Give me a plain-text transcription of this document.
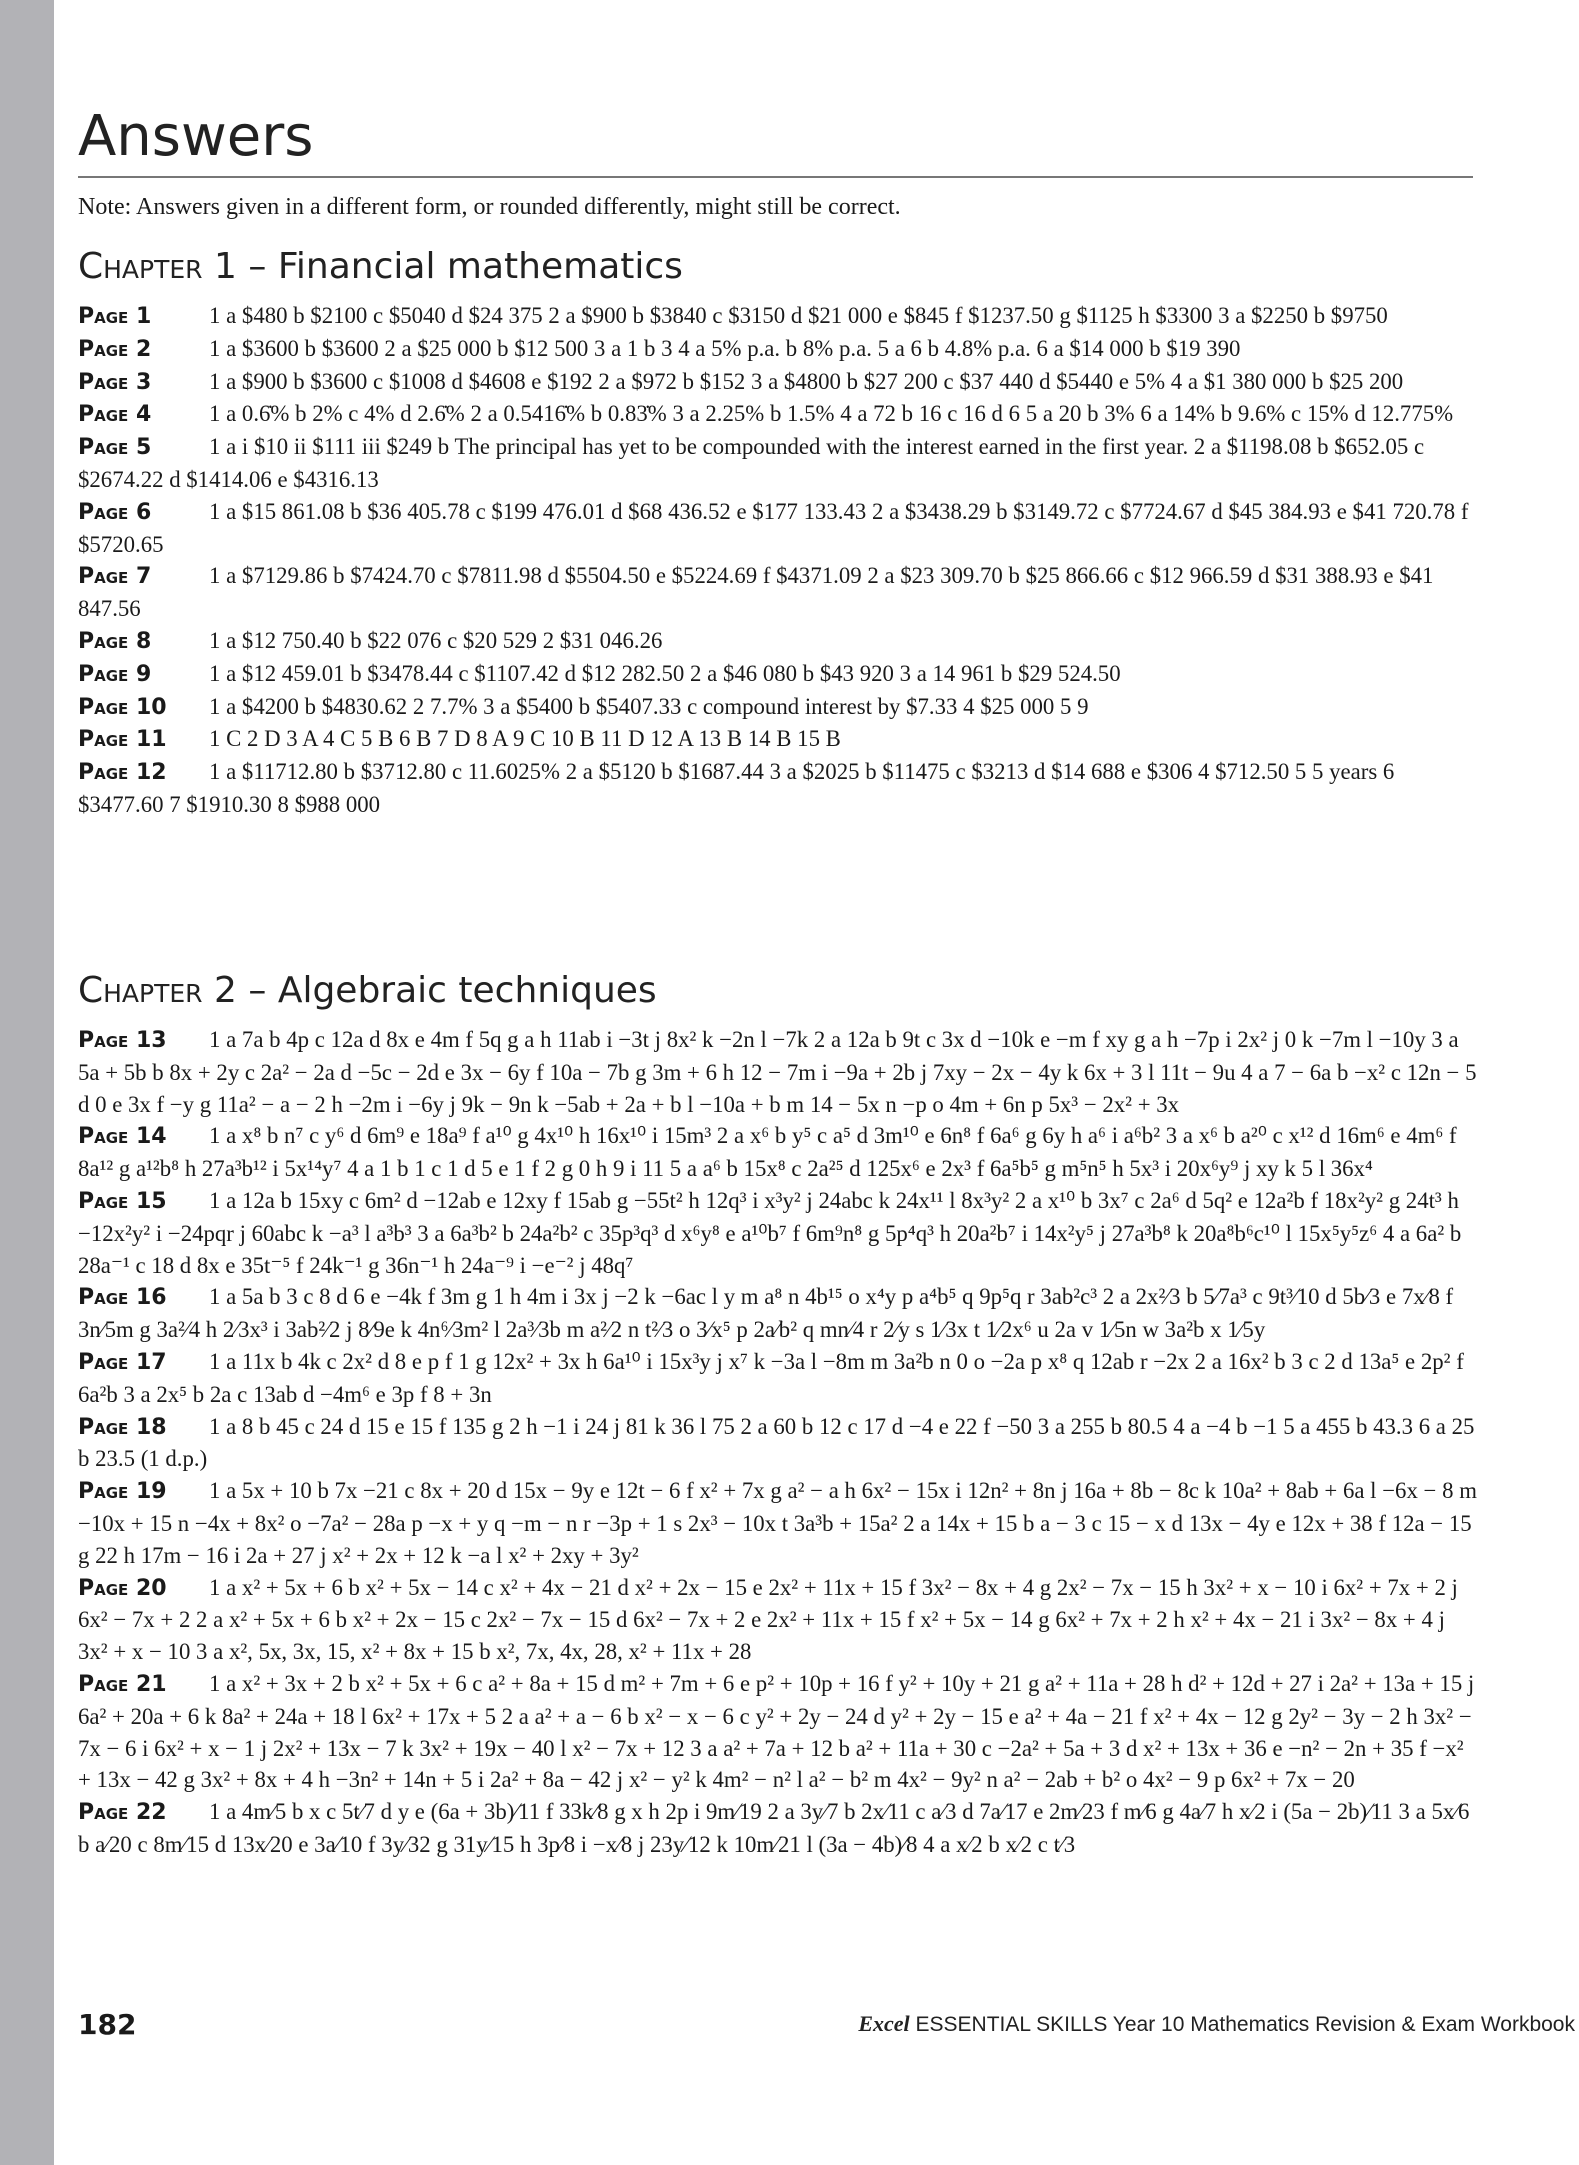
Answers

Note: Answers given in a different form, or rounded differently, might still be correct.

Chapter 1 – Financial mathematics

Page 1	1 a $480 b $2100 c $5040 d $24 375 2 a $900 b $3840 c $3150 d $21 000 e $845 f $1237.50 g $1125 h $3300 3 a $2250 b $9750

Page 2	1 a $3600 b $3600 2 a $25 000 b $12 500 3 a 1 b 3 4 a 5% p.a. b 8% p.a. 5 a 6 b 4.8% p.a. 6 a $14 000 b $19 390

Page 3	1 a $900 b $3600 c $1008 d $4608 e $192 2 a $972 b $152 3 a $4800 b $27 200 c $37 440 d $5440 e 5% 4 a $1 380 000 b $25 200

Page 4	1 a 0.6̇% b 2% c 4% d 2.6̇% 2 a 0.5416̇% b 0.83̇% 3 a 2.25% b 1.5% 4 a 72 b 16 c 16 d 6 5 a 20 b 3% 6 a 14% b 9.6% c 15% d 12.775%

Page 5	1 a i $10 ii $111 iii $249 b The principal has yet to be compounded with the interest earned in the first year. 2 a $1198.08 b $652.05 c $2674.22 d $1414.06 e $4316.13

Page 6	1 a $15 861.08 b $36 405.78 c $199 476.01 d $68 436.52 e $177 133.43 2 a $3438.29 b $3149.72 c $7724.67 d $45 384.93 e $41 720.78 f $5720.65

Page 7	1 a $7129.86 b $7424.70 c $7811.98 d $5504.50 e $5224.69 f $4371.09 2 a $23 309.70 b $25 866.66 c $12 966.59 d $31 388.93 e $41 847.56

Page 8	1 a $12 750.40 b $22 076 c $20 529 2 $31 046.26

Page 9	1 a $12 459.01 b $3478.44 c $1107.42 d $12 282.50 2 a $46 080 b $43 920 3 a 14 961 b $29 524.50

Page 10 1 a $4200 b $4830.62 2 7.7% 3 a $5400 b $5407.33 c compound interest by $7.33 4 $25 000 5 9

Page 11 1 C 2 D 3 A 4 C 5 B 6 B 7 D 8 A 9 C 10 B 11 D 12 A 13 B 14 B 15 B

Page 12 1 a $11712.80 b $3712.80 c 11.6025% 2 a $5120 b $1687.44 3 a $2025 b $11475 c $3213 d $14 688 e $306 4 $712.50 5 5 years 6 $3477.60 7 $1910.30 8 $988 000

Chapter 2 – Algebraic techniques

Page 13 1 a 7a b 4p c 12a d 8x e 4m f 5q g a h 11ab i −3t j 8x² k −2n l −7k 2 a 12a b 9t c 3x d −10k e −m f xy g a h −7p i 2x² j 0 k −7m l −10y 3 a 5a + 5b b 8x + 2y c 2a² − 2a d −5c − 2d e 3x − 6y f 10a − 7b g 3m + 6 h 12 − 7m i −9a + 2b j 7xy − 2x − 4y k 6x + 3 l 11t − 9u 4 a 7 − 6a b −x² c 12n − 5 d 0 e 3x f −y g 11a² − a − 2 h −2m i −6y j 9k − 9n k −5ab + 2a + b l −10a + b m 14 − 5x n −p o 4m + 6n p 5x³ − 2x² + 3x

Page 14 1 a x⁸ b n⁷ c y⁶ d 6m⁹ e 18a⁹ f a¹⁰ g 4x¹⁰ h 16x¹⁰ i 15m³ 2 a x⁶ b y⁵ c a⁵ d 3m¹⁰ e 6n⁸ f 6a⁶ g 6y h a⁶ i a⁶b² 3 a x⁶ b a²⁰ c x¹² d 16m⁶ e 4m⁶ f 8a¹² g a¹²b⁸ h 27a³b¹² i 5x¹⁴y⁷ 4 a 1 b 1 c 1 d 5 e 1 f 2 g 0 h 9 i 11 5 a a⁶ b 15x⁸ c 2a²⁵ d 125x⁶ e 2x³ f 6a⁵b⁵ g m⁵n⁵ h 5x³ i 20x⁶y⁹ j xy k 5 l 36x⁴

Page 15 1 a 12a b 15xy c 6m² d −12ab e 12xy f 15ab g −55t² h 12q³ i x³y² j 24abc k 24x¹¹ l 8x³y² 2 a x¹⁰ b 3x⁷ c 2a⁶ d 5q² e 12a²b f 18x²y² g 24t³ h −12x²y² i −24pqr j 60abc k −a³ l a³b³ 3 a 6a³b² b 24a²b² c 35p³q³ d x⁶y⁸ e a¹⁰b⁷ f 6m⁹n⁸ g 5p⁴q³ h 20a²b⁷ i 14x²y⁵ j 27a³b⁸ k 20a⁸b⁶c¹⁰ l 15x⁵y⁵z⁶ 4 a 6a² b 28a⁻¹ c 18 d 8x e 35t⁻⁵ f 24k⁻¹ g 36n⁻¹ h 24a⁻⁹ i −e⁻² j 48q⁷

Page 16 1 a 5a b 3 c 8 d 6 e −4k f 3m g 1 h 4m i 3x j −2 k −6ac l y m a⁸ n 4b¹⁵ o x⁴y p a⁴b⁵ q 9p⁵q r 3ab²c³ 2 a 2x²⁄3 b 5⁄7a³ c 9t³⁄10 d 5b⁄3 e 7x⁄8 f 3n⁄5m g 3a²⁄4 h 2⁄3x³ i 3ab²⁄2 j 8⁄9e k 4n⁶⁄3m² l 2a³⁄3b m a²⁄2 n t²⁄3 o 3⁄x⁵ p 2a⁄b² q mn⁄4 r 2⁄y s 1⁄3x t 1⁄2x⁶ u 2a v 1⁄5n w 3a²b x 1⁄5y

Page 17 1 a 11x b 4k c 2x² d 8 e p f 1 g 12x² + 3x h 6a¹⁰ i 15x³y j x⁷ k −3a l −8m m 3a²b n 0 o −2a p x⁸ q 12ab r −2x 2 a 16x² b 3 c 2 d 13a⁵ e 2p² f 6a²b 3 a 2x⁵ b 2a c 13ab d −4m⁶ e 3p f 8 + 3n

Page 18 1 a 8 b 45 c 24 d 15 e 15 f 135 g 2 h −1 i 24 j 81 k 36 l 75 2 a 60 b 12 c 17 d −4 e 22 f −50 3 a 255 b 80.5 4 a −4 b −1 5 a 455 b 43.3 6 a 25 b 23.5 (1 d.p.)

Page 19 1 a 5x + 10 b 7x −21 c 8x + 20 d 15x − 9y e 12t − 6 f x² + 7x g a² − a h 6x² − 15x i 12n² + 8n j 16a + 8b − 8c k 10a² + 8ab + 6a l −6x − 8 m −10x + 15 n −4x + 8x² o −7a² − 28a p −x + y q −m − n r −3p + 1 s 2x³ − 10x t 3a³b + 15a² 2 a 14x + 15 b a − 3 c 15 − x d 13x − 4y e 12x + 38 f 12a − 15 g 22 h 17m − 16 i 2a + 27 j x² + 2x + 12 k −a l x² + 2xy + 3y²

Page 20 1 a x² + 5x + 6 b x² + 5x − 14 c x² + 4x − 21 d x² + 2x − 15 e 2x² + 11x + 15 f 3x² − 8x + 4 g 2x² − 7x − 15 h 3x² + x − 10 i 6x² + 7x + 2 j 6x² − 7x + 2 2 a x² + 5x + 6 b x² + 2x − 15 c 2x² − 7x − 15 d 6x² − 7x + 2 e 2x² + 11x + 15 f x² + 5x − 14 g 6x² + 7x + 2 h x² + 4x − 21 i 3x² − 8x + 4 j 3x² + x − 10 3 a x², 5x, 3x, 15, x² + 8x + 15 b x², 7x, 4x, 28, x² + 11x + 28

Page 21 1 a x² + 3x + 2 b x² + 5x + 6 c a² + 8a + 15 d m² + 7m + 6 e p² + 10p + 16 f y² + 10y + 21 g a² + 11a + 28 h d² + 12d + 27 i 2a² + 13a + 15 j 6a² + 20a + 6 k 8a² + 24a + 18 l 6x² + 17x + 5 2 a a² + a − 6 b x² − x − 6 c y² + 2y − 24 d y² + 2y − 15 e a² + 4a − 21 f x² + 4x − 12 g 2y² − 3y − 2 h 3x² − 7x − 6 i 6x² + x − 1 j 2x² + 13x − 7 k 3x² + 19x − 40 l x² − 7x + 12 3 a a² + 7a + 12 b a² + 11a + 30 c −2a² + 5a + 3 d x² + 13x + 36 e −n² − 2n + 35 f −x² + 13x − 42 g 3x² + 8x + 4 h −3n² + 14n + 5 i 2a² + 8a − 42 j x² − y² k 4m² − n² l a² − b² m 4x² − 9y² n a² − 2ab + b² o 4x² − 9 p 6x² + 7x − 20

Page 22 1 a 4m⁄5 b x c 5t⁄7 d y e (6a + 3b)⁄11 f 33k⁄8 g x h 2p i 9m⁄19 2 a 3y⁄7 b 2x⁄11 c a⁄3 d 7a⁄17 e 2m⁄23 f m⁄6 g 4a⁄7 h x⁄2 i (5a − 2b)⁄11 3 a 5x⁄6 b a⁄20 c 8m⁄15 d 13x⁄20 e 3a⁄10 f 3y⁄32 g 31y⁄15 h 3p⁄8 i −x⁄8 j 23y⁄12 k 10m⁄21 l (3a − 4b)⁄8 4 a x⁄2 b x⁄2 c t⁄3

182	Excel ESSENTIAL SKILLS Year 10 Mathematics Revision & Exam Workbook
